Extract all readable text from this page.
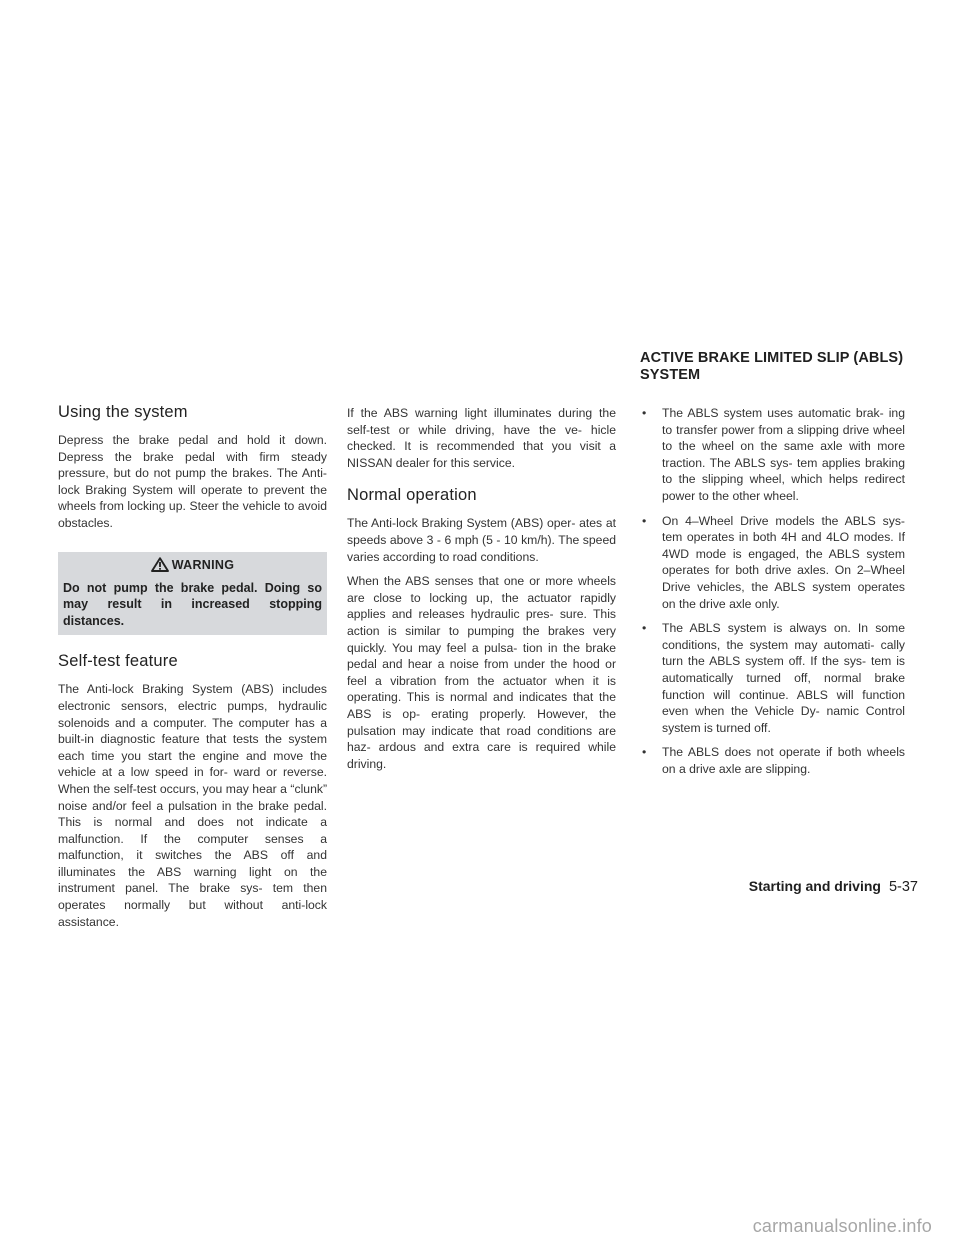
ACTIVE BRAKE LIMITED SLIP (ABLS)
SYSTEM
Using the system

Depress the brake pedal and hold it down. Depress the brake pedal with firm steady pressure, but do not pump the brakes. The Anti-lock Braking System will operate to prevent the wheels from locking up. Steer the vehicle to avoid obstacles.

WARNING

Do not pump the brake pedal. Doing so may result in increased stopping distances.

Self-test feature

The Anti-lock Braking System (ABS) includes electronic sensors, electric pumps, hydraulic solenoids and a computer. The computer has a built-in diagnostic feature that tests the system each time you start the engine and move the vehicle at a low speed in for- ward or reverse. When the self-test occurs, you may hear a “clunk” noise and/or feel a pulsation in the brake pedal. This is normal and does not indicate a malfunction. If the computer senses a malfunction, it switches the ABS off and illuminates the ABS warning light on the instrument panel. The brake sys- tem then operates normally but without anti-lock assistance.

If the ABS warning light illuminates during the self-test or while driving, have the ve- hicle checked. It is recommended that you visit a NISSAN dealer for this service.

Normal operation

The Anti-lock Braking System (ABS) oper- ates at speeds above 3 - 6 mph (5 - 10 km/h). The speed varies according to road conditions.

When the ABS senses that one or more wheels are close to locking up, the actuator rapidly applies and releases hydraulic pres- sure. This action is similar to pumping the brakes very quickly. You may feel a pulsa- tion in the brake pedal and hear a noise from under the hood or feel a vibration from the actuator when it is operating. This is normal and indicates that the ABS is op- erating properly. However, the pulsation may indicate that road conditions are haz- ardous and extra care is required while driving.

• The ABLS system uses automatic brak- ing to transfer power from a slipping drive wheel to the wheel on the same axle with more traction. The ABLS sys- tem applies braking to the slipping wheel, which helps redirect power to the other wheel.
• On 4–Wheel Drive models the ABLS sys- tem operates in both 4H and 4LO modes. If 4WD mode is engaged, the ABLS system operates for both drive axles. On 2–Wheel Drive vehicles, the ABLS system operates on the drive axle only.
• The ABLS system is always on. In some conditions, the system may automati- cally turn the ABLS system off. If the sys- tem is automatically turned off, normal brake function will continue. ABLS will function even when the Vehicle Dy- namic Control system is turned off.
• The ABLS does not operate if both wheels on a drive axle are slipping.
Starting and driving 5-37
carmanualsonline.info
